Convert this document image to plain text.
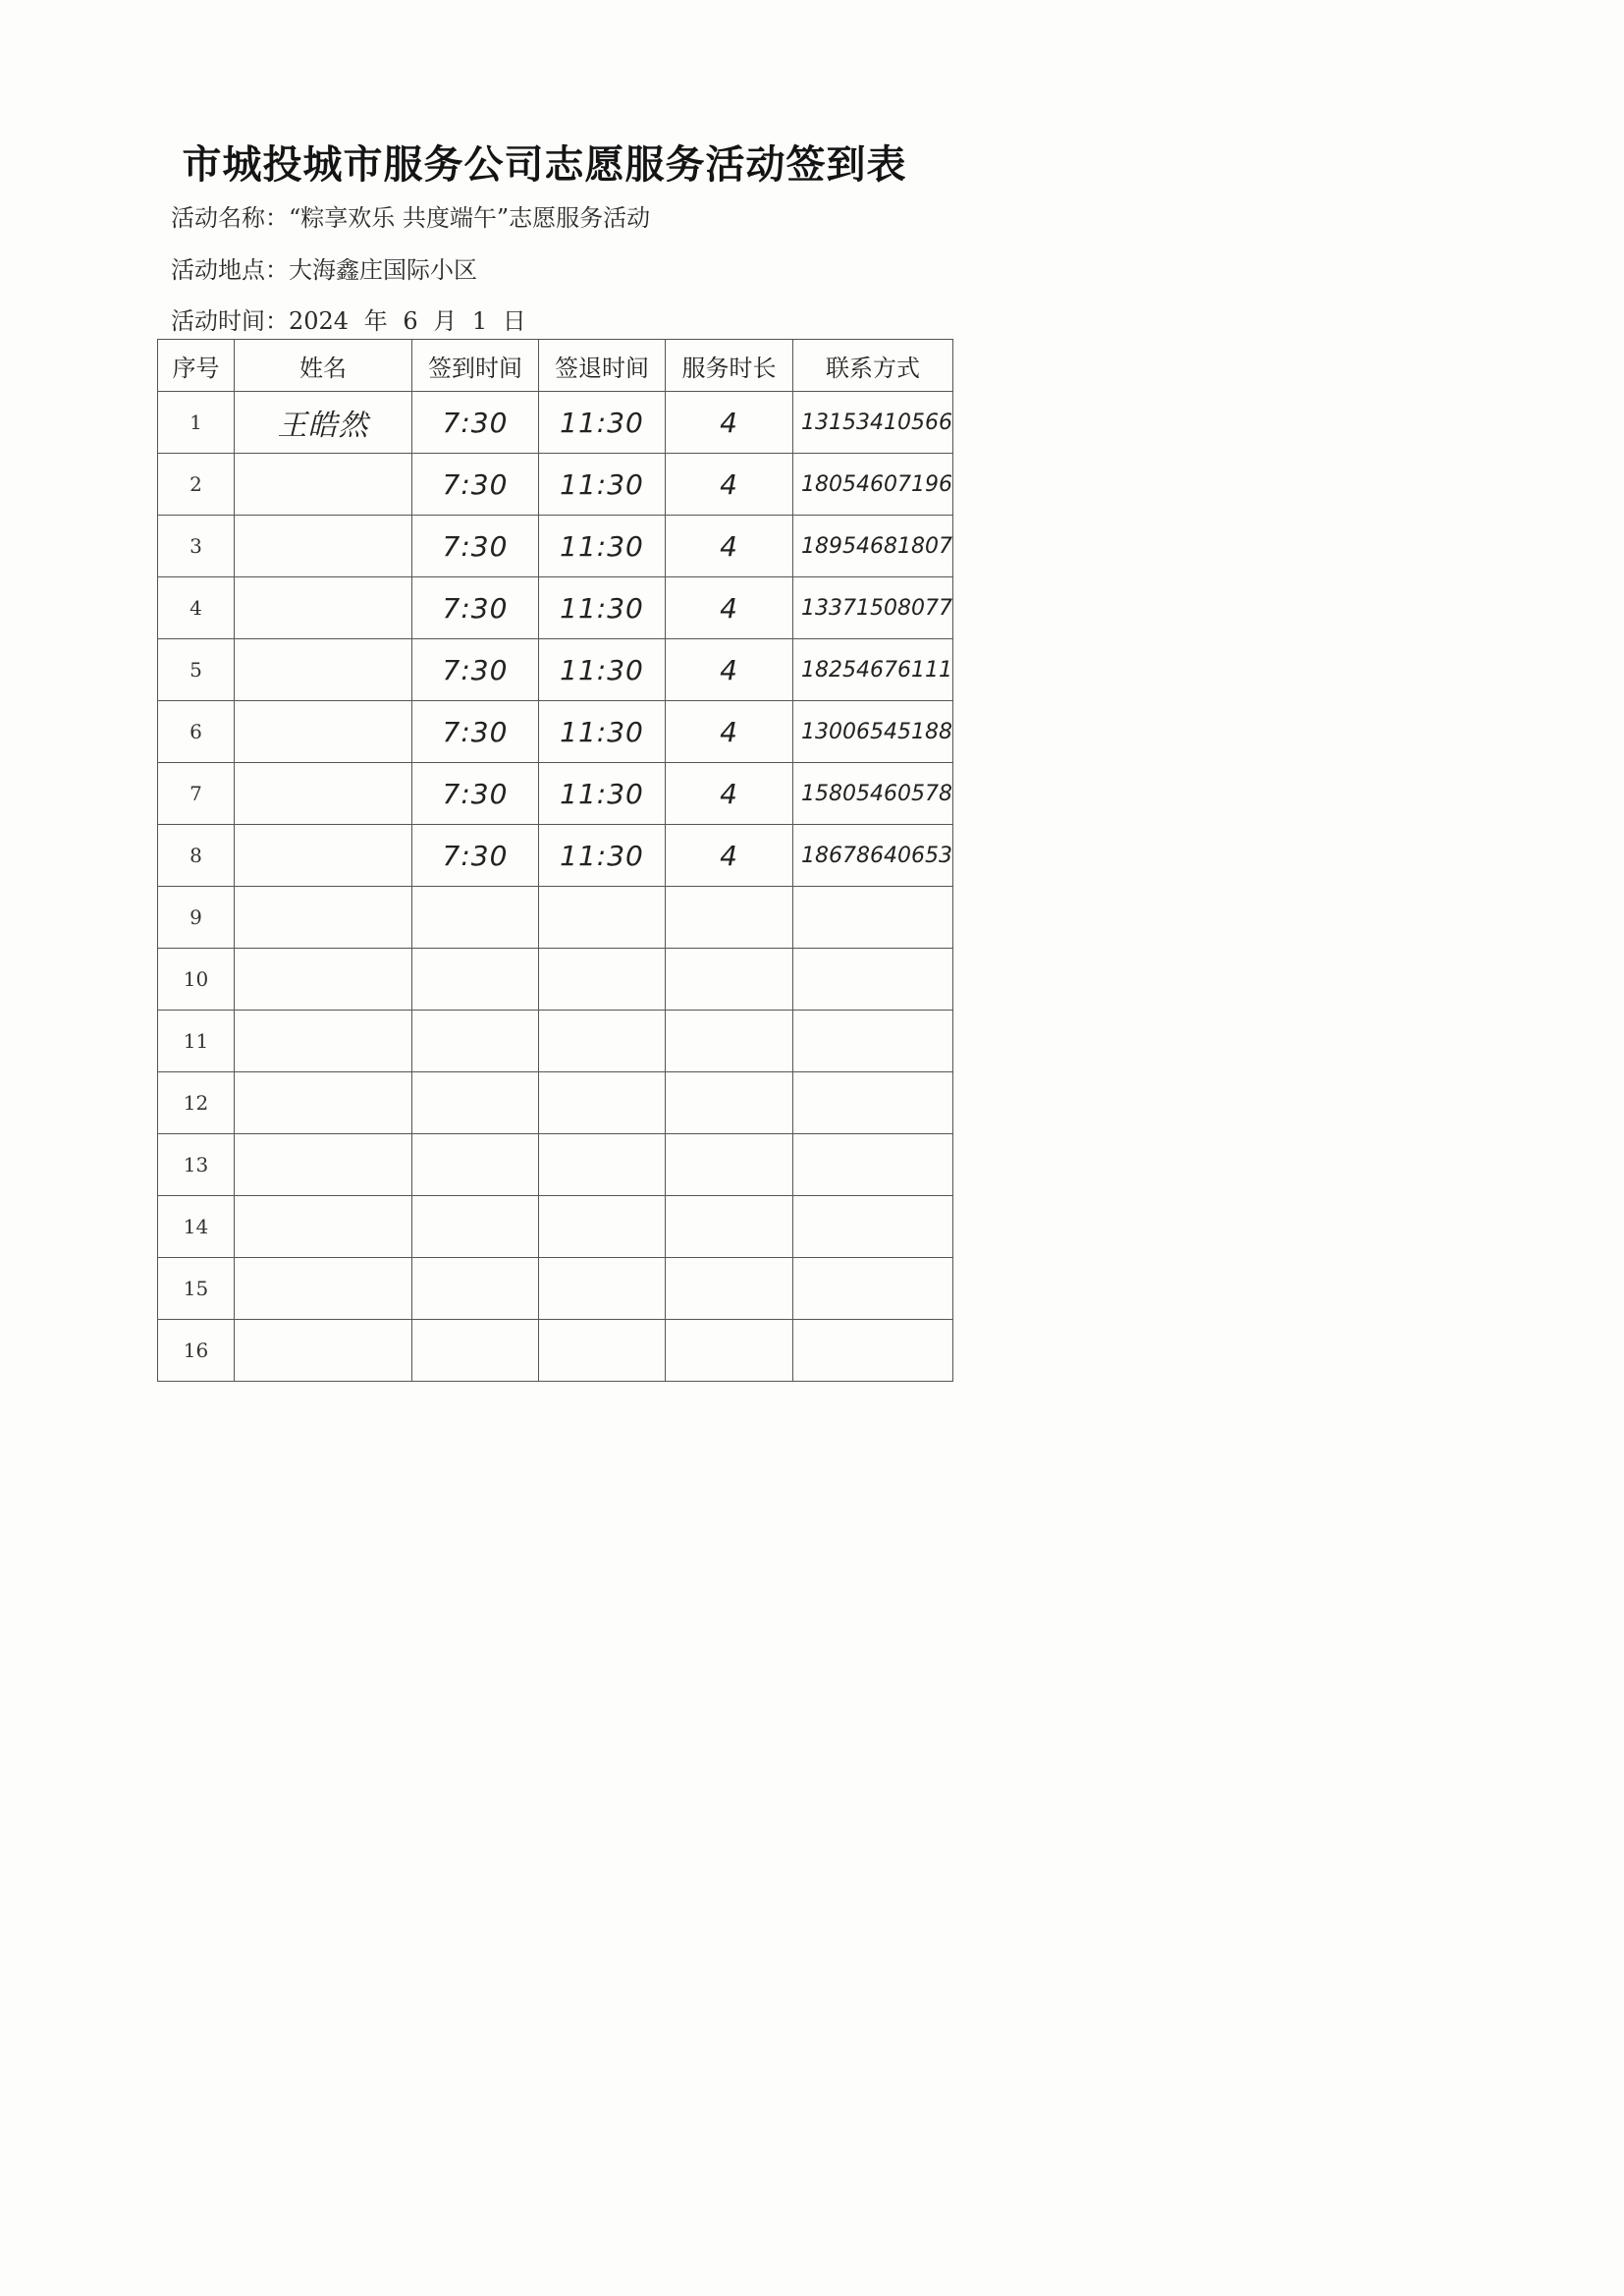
市城投城市服务公司志愿服务活动签到表
活动名称：“粽享欢乐 共度端午”志愿服务活动
活动地点：大海鑫庄国际小区
活动时间：2024 年 6 月 1 日
序号	姓名	签到时间	签退时间	服务时长	联系方式
1	王皓然	7:30	11:30	4	13153410566
2		7:30	11:30	4	18054607196
3		7:30	11:30	4	18954681807
4		7:30	11:30	4	13371508077
5		7:30	11:30	4	18254676111
6		7:30	11:30	4	13006545188
7		7:30	11:30	4	15805460578
8		7:30	11:30	4	18678640653
9					
10					
11					
12					
13					
14					
15					
16					
